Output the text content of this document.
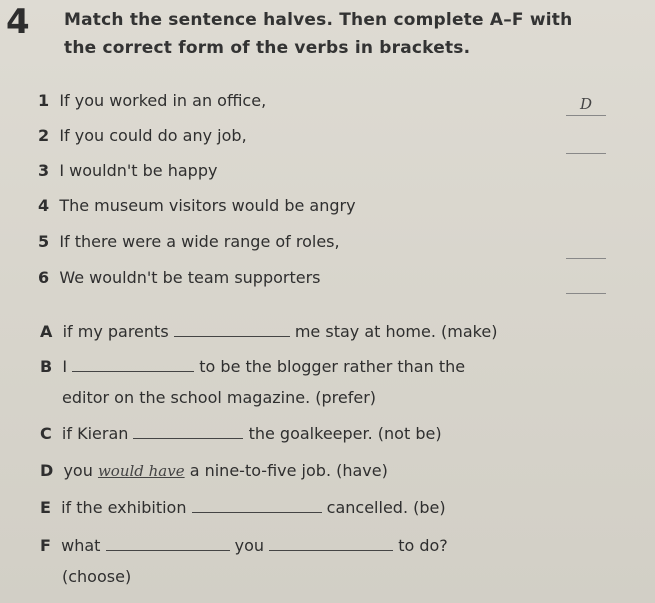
4 Match the sentence halves. Then complete A–F with
the correct form of the verbs in brackets.
1 If you worked in an office,	D
2 If you could do any job,
3 I wouldn't be happy
4 The museum visitors would be angry
5 If there were a wide range of roles,
6 We wouldn't be team supporters
A if my parents	me stay at home. (make)
B I	to be the blogger rather than the
editor on the school magazine. (prefer)
C if Kieran	the goalkeeper. (not be)
D you would have a nine-to-five job. (have)
E if the exhibition	cancelled. (be)
F what	you	to do?
(choose)
